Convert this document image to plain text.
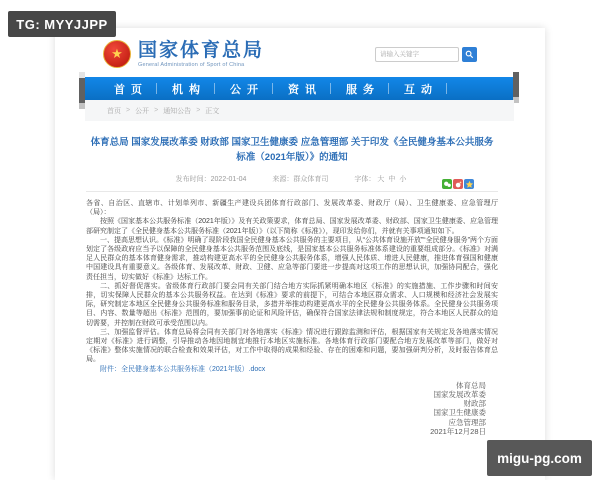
TG: MYYJJPP
★ 国家体育总局
General Administration of Sport of China
请输入关键字
首页	机构	公开	资讯	服务	互动
首页 > 公开 > 通知公告 > 正文
体育总局 国家发展改革委 财政部 国家卫生健康委 应急管理部 关于印发《全民健身基本公共服务标准（2021年版）》的通知
发布时间：2022-01-04	来源：群众体育司	字体： 大 中 小

各省、自治区、直辖市、计划单列市、新疆生产建设兵团体育行政部门、发展改革委、财政厅（局）、卫生健康委、应急管理厅（局）：

按照《国家基本公共服务标准（2021年版）》及有关政策要求，体育总局、国家发展改革委、财政部、国家卫生健康委、应急管理部研究制定了《全民健身基本公共服务标准（2021年版）》（以下简称《标准》），现印发给你们，并就有关事项通知如下。

一、提高思想认识。《标准》明确了现阶段我国全民健身基本公共服务的主要项目，从“公共体育设施开放”“全民健身服务”两个方面划定了各级政府应当予以保障的全民健身基本公共服务范围及底线，是国家基本公共服务标准体系建设的重要组成部分。《标准》对满足人民群众的基本体育健身需求，推动构建更高水平的全民健身公共服务体系，增强人民体质、增进人民健康，推进体育强国和健康中国建设具有重要意义。各级体育、发展改革、财政、卫健、应急等部门要进一步提高对这项工作的思想认识，加强协同配合，强化责任担当，切实做好《标准》达标工作。

二、抓好督促落实。省级体育行政部门要会同有关部门结合地方实际抓紧明确本地区《标准》的实施措施、工作步骤和时间安排，切实保障人民群众的基本公共服务权益。在达到《标准》要求的前提下，可结合本地区群众需求、人口规模和经济社会发展实际，研究制定本地区全民健身公共服务标准和服务目录，多措并举推动构建更高水平的全民健身公共服务体系。全民健身公共服务项目、内容、数量等超出《标准》范围的，要加强事前论证和风险评估，确保符合国家法律法规和制度规定，符合本地区人民群众的迫切需要，并控制在财政可承受范围以内。

三、加强监督评估。体育总局将会同有关部门对各地落实《标准》情况进行跟踪监测和评估，根据国家有关规定及各地落实情况定期对《标准》进行调整，引导推动各地因地制宜地推行本地区实施标准。各地体育行政部门要配合地方发展改革等部门，做好对《标准》整体实施情况的联合检查和效果评估，对工作中取得的成果和经验、存在的困难和问题，要加强研判分析，及时报告体育总局。

附件：全民健身基本公共服务标准（2021年版）.docx

体育总局
国家发展改革委
财政部
国家卫生健康委
应急管理部
2021年12月28日
migu-pg.com
